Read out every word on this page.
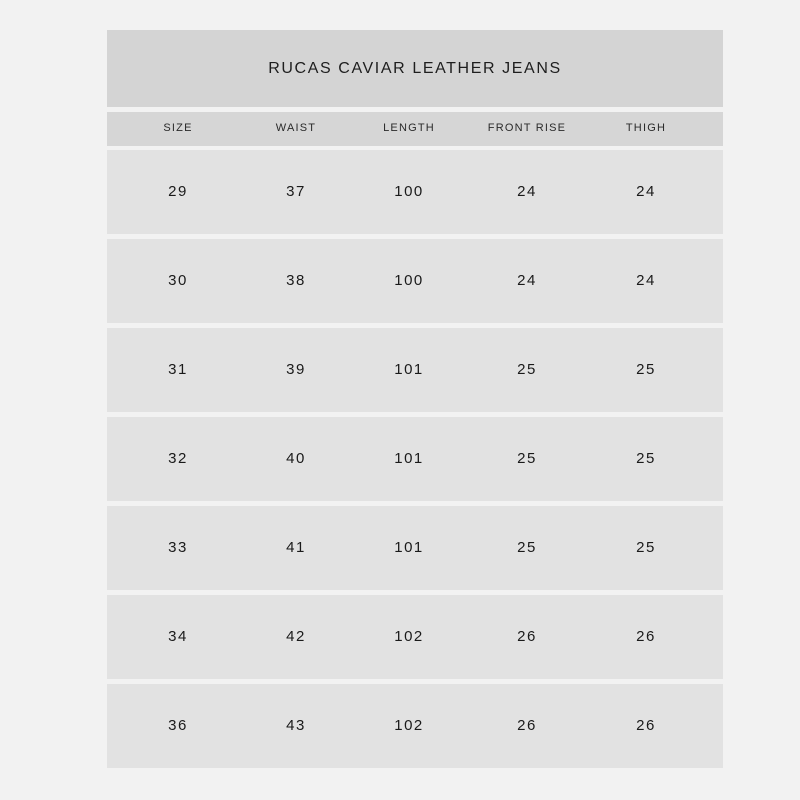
RUCAS CAVIAR LEATHER JEANS
SIZE	WAIST	LENGTH	FRONT RISE	THIGH
29	37	100	24	24
30	38	100	24	24
31	39	101	25	25
32	40	101	25	25
33	41	101	25	25
34	42	102	26	26
36	43	102	26	26
